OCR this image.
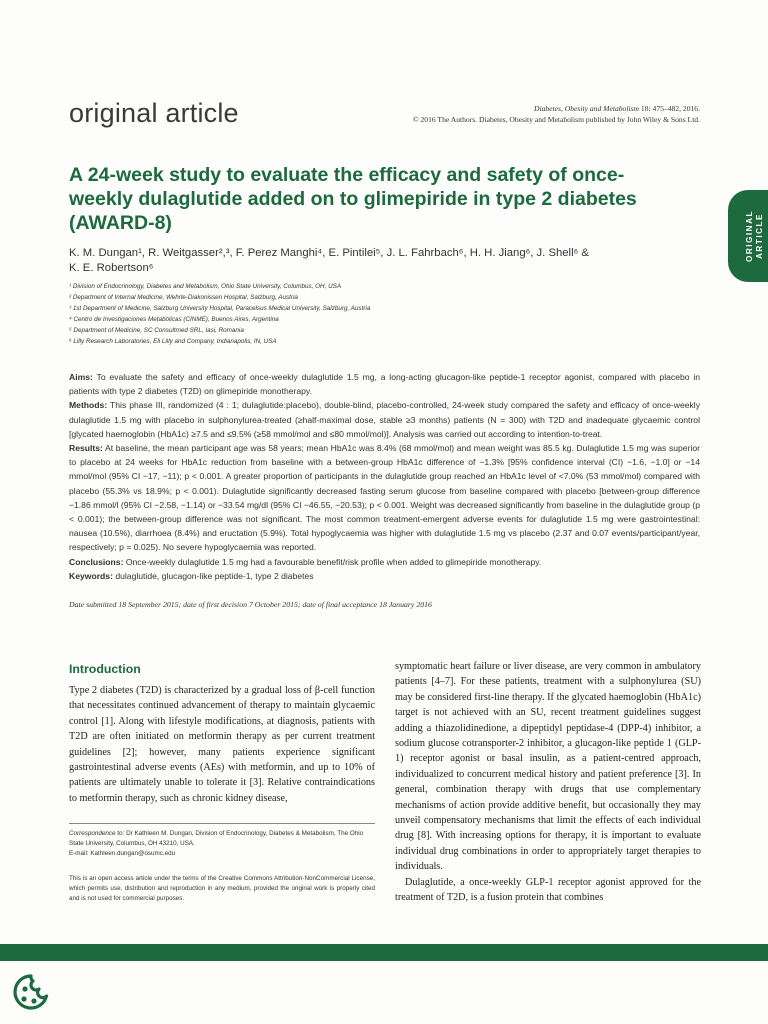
original article	Diabetes, Obesity and Metabolism 18: 475–482, 2016.
© 2016 The Authors. Diabetes, Obesity and Metabolism published by John Wiley & Sons Ltd.
ORIGINAL ARTICLE
A 24-week study to evaluate the efficacy and safety of once-weekly dulaglutide added on to glimepiride in type 2 diabetes (AWARD-8)
K. M. Dungan¹, R. Weitgasser²,³, F. Perez Manghi⁴, E. Pintilei⁵, J. L. Fahrbach⁶, H. H. Jiang⁶, J. Shell⁶ &
K. E. Robertson⁶
¹ Division of Endocrinology, Diabetes and Metabolism, Ohio State University, Columbus, OH, USA
² Department of Internal Medicine, Wehrle-Diakonissen Hospital, Salzburg, Austria
³ 1st Department of Medicine, Salzburg University Hospital, Paracelsus Medical University, Salzburg, Austria
⁴ Centro de Investigaciones Metabólicas (CINME), Buenos Aires, Argentina
⁵ Department of Medicine, SC Consultmed SRL, Iasi, Romania
⁶ Lilly Research Laboratories, Eli Lilly and Company, Indianapolis, IN, USA

Aims: To evaluate the safety and efficacy of once-weekly dulaglutide 1.5 mg, a long-acting glucagon-like peptide-1 receptor agonist, compared with placebo in patients with type 2 diabetes (T2D) on glimepiride monotherapy.

Methods: This phase III, randomized (4 : 1; dulaglutide:placebo), double-blind, placebo-controlled, 24-week study compared the safety and efficacy of once-weekly dulaglutide 1.5 mg with placebo in sulphonylurea-treated (≥half-maximal dose, stable ≥3 months) patients (N = 300) with T2D and inadequate glycaemic control [glycated haemoglobin (HbA1c) ≥7.5 and ≤9.5% (≥58 mmol/mol and ≤80 mmol/mol)]. Analysis was carried out according to intention-to-treat.

Results: At baseline, the mean participant age was 58 years; mean HbA1c was 8.4% (68 mmol/mol) and mean weight was 85.5 kg. Dulaglutide 1.5 mg was superior to placebo at 24 weeks for HbA1c reduction from baseline with a between-group HbA1c difference of −1.3% [95% confidence interval (CI) −1.6, −1.0] or −14 mmol/mol (95% CI −17, −11); p < 0.001. A greater proportion of participants in the dulaglutide group reached an HbA1c level of <7.0% (53 mmol/mol) compared with placebo (55.3% vs 18.9%; p < 0.001). Dulaglutide significantly decreased fasting serum glucose from baseline compared with placebo [between-group difference −1.86 mmol/l (95% CI −2.58, −1.14) or −33.54 mg/dl (95% CI −46.55, −20.53); p < 0.001. Weight was decreased significantly from baseline in the dulaglutide group (p < 0.001); the between-group difference was not significant. The most common treatment-emergent adverse events for dulaglutide 1.5 mg were gastrointestinal: nausea (10.5%), diarrhoea (8.4%) and eructation (5.9%). Total hypoglycaemia was higher with dulaglutide 1.5 mg vs placebo (2.37 and 0.07 events/participant/year, respectively; p = 0.025). No severe hypoglycaemia was reported.

Conclusions: Once-weekly dulaglutide 1.5 mg had a favourable benefit/risk profile when added to glimepiride monotherapy.

Keywords: dulaglutide, glucagon-like peptide-1, type 2 diabetes

Date submitted 18 September 2015; date of first decision 7 October 2015; date of final acceptance 18 January 2016
Introduction

Type 2 diabetes (T2D) is characterized by a gradual loss of β-cell function that necessitates continued advancement of therapy to maintain glycaemic control [1]. Along with lifestyle modifications, at diagnosis, patients with T2D are often initiated on metformin therapy as per current treatment guidelines [2]; however, many patients experience significant gastrointestinal adverse events (AEs) with metformin, and up to 10% of patients are ultimately unable to tolerate it [3]. Relative contraindications to metformin therapy, such as chronic kidney disease,

symptomatic heart failure or liver disease, are very common in ambulatory patients [4–7]. For these patients, treatment with a sulphonylurea (SU) may be considered first-line therapy. If the glycated haemoglobin (HbA1c) target is not achieved with an SU, recent treatment guidelines suggest adding a thiazolidinedione, a dipeptidyl peptidase-4 (DPP-4) inhibitor, a sodium glucose cotransporter-2 inhibitor, a glucagon-like peptide 1 (GLP-1) receptor agonist or basal insulin, as a patient-centred approach, individualized to concurrent medical history and patient preference [3]. In general, combination therapy with drugs that use complementary mechanisms of action provide additive benefit, but occasionally they may unveil compensatory mechanisms that limit the effects of each individual drug [8]. With increasing options for therapy, it is important to evaluate individual drug combinations in order to appropriately target therapies to individuals.

Dulaglutide, a once-weekly GLP-1 receptor agonist approved for the treatment of T2D, is a fusion protein that combines

Correspondence to: Dr Kathleen M. Dungan, Division of Endocrinology, Diabetes & Metabolism, The Ohio State University, Columbus, OH 43210, USA.
E-mail: Kathleen.dungan@osumc.edu
This is an open access article under the terms of the Creative Commons Attribution-NonCommercial License, which permits use, distribution and reproduction in any medium, provided the original work is properly cited and is not used for commercial purposes.
